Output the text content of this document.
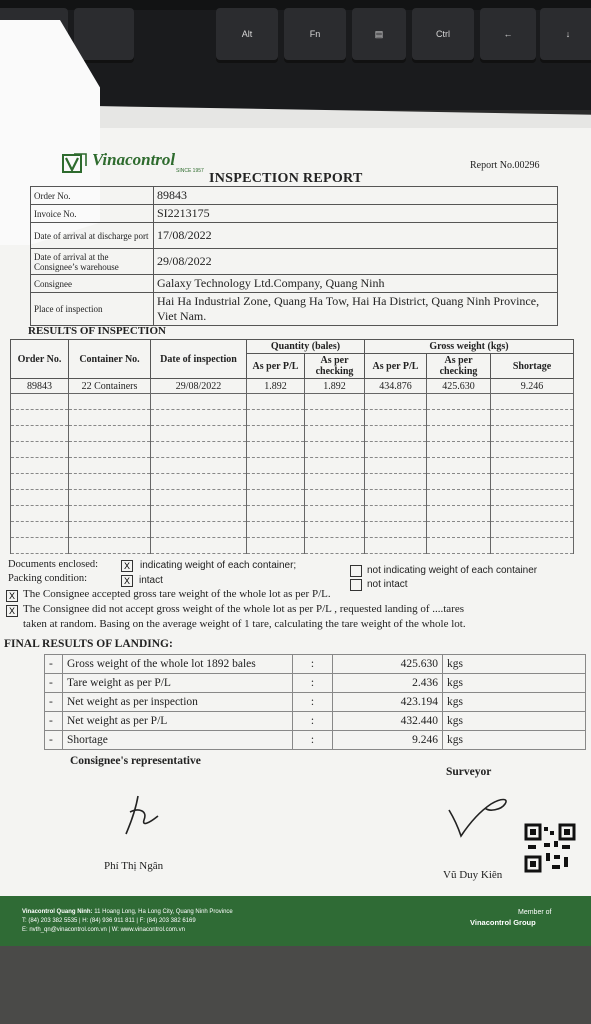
Alt	Fn	▤	Ctrl	←	↓
Vinacontrol
SINCE 1957 INSPECTION REPORT
Report No.00296
Order No.	89843
Invoice No.	SI2213175
Date of arrival at discharge port	17/08/2022
Date of arrival at the Consignee’s warehouse	29/08/2022
Consignee	Galaxy Technology Ltd.Company, Quang Ninh
Place of inspection	Hai Ha Industrial Zone, Quang Ha Tow, Hai Ha District, Quang Ninh Province, Viet Nam.
RESULTS OF INSPECTION
Order No.	Container No.	Date of inspection	Quantity (bales)		Gross weight (kgs)		
			As per P/L	As per checking	As per P/L	As per checking	Shortage
89843	22 Containers	29/08/2022	1.892	1.892	434.876	425.630	9.246

Documents enclosed:	X	indicating weight of each container;	not indicating weight of each container
Packing condition:	X intact	not intact
X The Consignee accepted gross tare weight of the whole lot as per P/L.
X The Consignee did not accept gross weight of the whole lot as per P/L , requested landing of ....tares
taken at random. Basing on the average weight of 1 tare, calculating the tare weight of the whole lot.
FINAL RESULTS OF LANDING:
-	Gross weight of the whole lot 1892 bales	:	425.630	kgs
-	Tare weight as per P/L	:	2.436	kgs
-	Net weight as per inspection	:	423.194	kgs
-	Net weight as per P/L	:	432.440	kgs
-	Shortage	:	9.246	kgs
Consignee's representative
Surveyor
Phí Thị Ngân
Vũ Duy Kiên
Vinacontrol Quang Ninh: 11 Hoang Long, Ha Long City, Quang Ninh Province
T: (84) 203 382 5535 | H: (84) 936 911 811 | F: (84) 203 382 6169
E: nvth_qn@vinacontrol.com.vn | W: www.vinacontrol.com.vn
Member of
Vinacontrol Group
